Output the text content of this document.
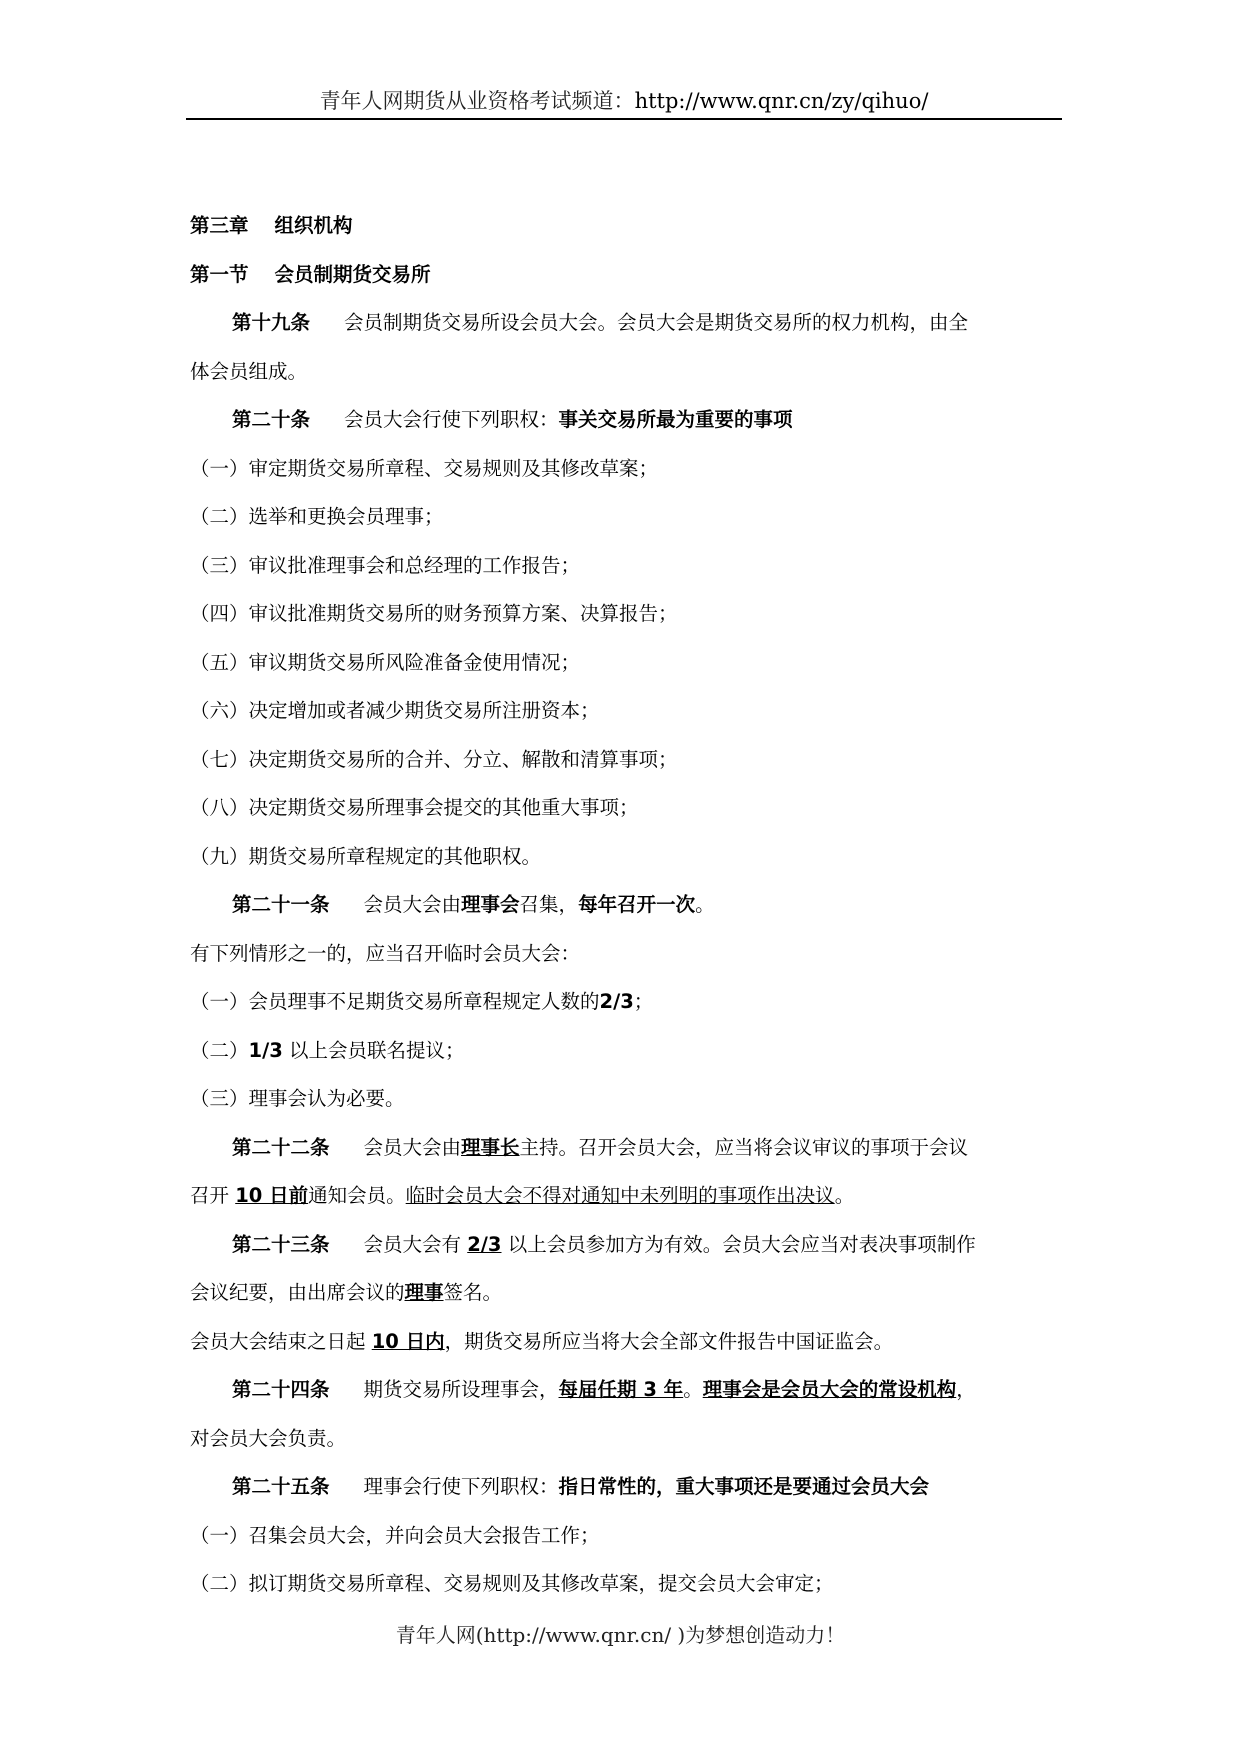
青年人网期货从业资格考试频道：http://www.qnr.cn/zy/qihuo/
第三章 组织机构
第一节 会员制期货交易所
第十九条 会员制期货交易所设会员大会。会员大会是期货交易所的权力机构，由全
体会员组成。
第二十条 会员大会行使下列职权：事关交易所最为重要的事项
（一）审定期货交易所章程、交易规则及其修改草案；
（二）选举和更换会员理事；
（三）审议批准理事会和总经理的工作报告；
（四）审议批准期货交易所的财务预算方案、决算报告；
（五）审议期货交易所风险准备金使用情况；
（六）决定增加或者减少期货交易所注册资本；
（七）决定期货交易所的合并、分立、解散和清算事项；
（八）决定期货交易所理事会提交的其他重大事项；
（九）期货交易所章程规定的其他职权。
第二十一条 会员大会由理事会召集，每年召开一次。
有下列情形之一的，应当召开临时会员大会：
（一）会员理事不足期货交易所章程规定人数的2/3；
（二）1/3 以上会员联名提议；
（三）理事会认为必要。
第二十二条 会员大会由理事长主持。召开会员大会，应当将会议审议的事项于会议
召开 10 日前通知会员。临时会员大会不得对通知中未列明的事项作出决议。
第二十三条 会员大会有 2/3 以上会员参加方为有效。会员大会应当对表决事项制作
会议纪要，由出席会议的理事签名。
会员大会结束之日起 10 日内，期货交易所应当将大会全部文件报告中国证监会。
第二十四条 期货交易所设理事会，每届任期 3 年。理事会是会员大会的常设机构，
对会员大会负责。
第二十五条 理事会行使下列职权：指日常性的，重大事项还是要通过会员大会
（一）召集会员大会，并向会员大会报告工作；
（二）拟订期货交易所章程、交易规则及其修改草案，提交会员大会审定；
青年人网(http://www.qnr.cn/ )为梦想创造动力！
